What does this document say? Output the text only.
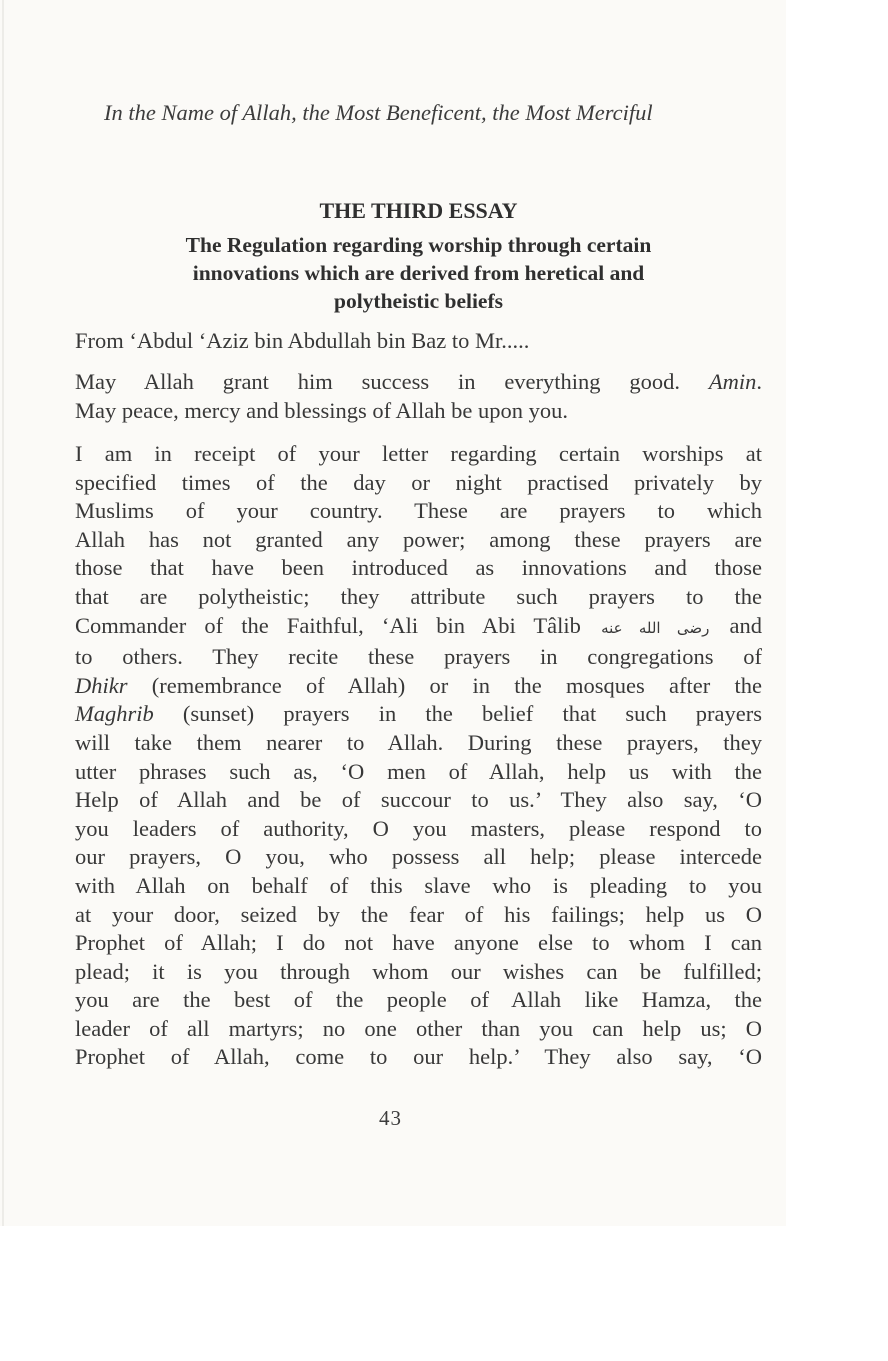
In the Name of Allah, the Most Beneficent, the Most Merciful
THE THIRD ESSAY
The Regulation regarding worship through certain
innovations which are derived from heretical and
polytheistic beliefs

From ‘Abdul ‘Aziz bin Abdullah bin Baz to Mr.....

May Allah grant him success in everything good. Amin.
May peace, mercy and blessings of Allah be upon you.
I am in receipt of your letter regarding certain worships at
specified times of the day or night practised privately by
Muslims of your country. These are prayers to which
Allah has not granted any power; among these prayers are
those that have been introduced as innovations and those
that are polytheistic; they attribute such prayers to the
Commander of the Faithful, ‘Ali bin Abi Tâlib رضى الله عنه and
to others. They recite these prayers in congregations of
Dhikr (remembrance of Allah) or in the mosques after the
Maghrib (sunset) prayers in the belief that such prayers
will take them nearer to Allah. During these prayers, they
utter phrases such as, ‘O men of Allah, help us with the
Help of Allah and be of succour to us.’ They also say, ‘O
you leaders of authority, O you masters, please respond to
our prayers, O you, who possess all help; please intercede
with Allah on behalf of this slave who is pleading to you
at your door, seized by the fear of his failings; help us O
Prophet of Allah; I do not have anyone else to whom I can
plead; it is you through whom our wishes can be fulfilled;
you are the best of the people of Allah like Hamza, the
leader of all martyrs; no one other than you can help us; O
Prophet of Allah, come to our help.’ They also say, ‘O
43
